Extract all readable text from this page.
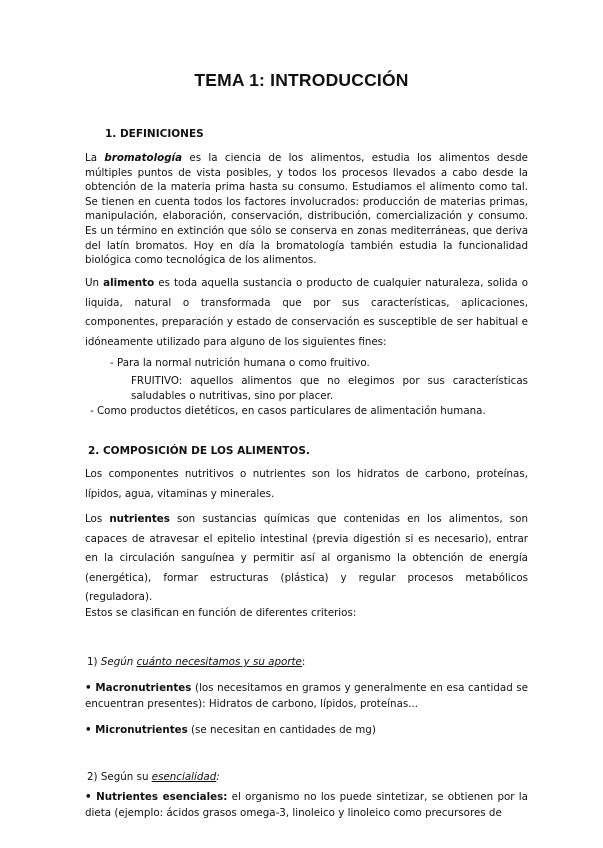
TEMA 1: INTRODUCCIÓN
1. DEFINICIONES
La bromatología es la ciencia de los alimentos, estudia los alimentos desde múltiples puntos de vista posibles, y todos los procesos llevados a cabo desde la obtención de la materia prima hasta su consumo. Estudiamos el alimento como tal. Se tienen en cuenta todos los factores involucrados: producción de materias primas, manipulación, elaboración, conservación, distribución, comercialización y consumo. Es un término en extinción que sólo se conserva en zonas mediterráneas, que deriva del latín bromatos. Hoy en día la bromatología también estudia la funcionalidad biológica como tecnológica de los alimentos.
Un alimento es toda aquella sustancia o producto de cualquier naturaleza, solida o liquida, natural o transformada que por sus características, aplicaciones, componentes, preparación y estado de conservación es susceptible de ser habitual e idóneamente utilizado para alguno de los siguientes fines:
- Para la normal nutrición humana o como fruitivo.
FRUITIVO: aquellos alimentos que no elegimos por sus características saludables o nutritivas, sino por placer.
- Como productos dietéticos, en casos particulares de alimentación humana.
2. COMPOSICIÓN DE LOS ALIMENTOS.
Los componentes nutritivos o nutrientes son los hidratos de carbono, proteínas, lípidos, agua, vitaminas y minerales.
Los nutrientes son sustancias químicas que contenidas en los alimentos, son capaces de atravesar el epitelio intestinal (previa digestión si es necesario), entrar en la circulación sanguínea y permitir así al organismo la obtención de energía (energética), formar estructuras (plástica) y regular procesos metabólicos (reguladora).
Estos se clasifican en función de diferentes criterios:
1) Según cuánto necesitamos y su aporte:
• Macronutrientes (los necesitamos en gramos y generalmente en esa cantidad se encuentran presentes): Hidratos de carbono, lípidos, proteínas...
• Micronutrientes (se necesitan en cantidades de mg)
2) Según su esencialidad:
• Nutrientes esenciales: el organismo no los puede sintetizar, se obtienen por la dieta (ejemplo: ácidos grasos omega-3, linoleico y linoleico como precursores de
